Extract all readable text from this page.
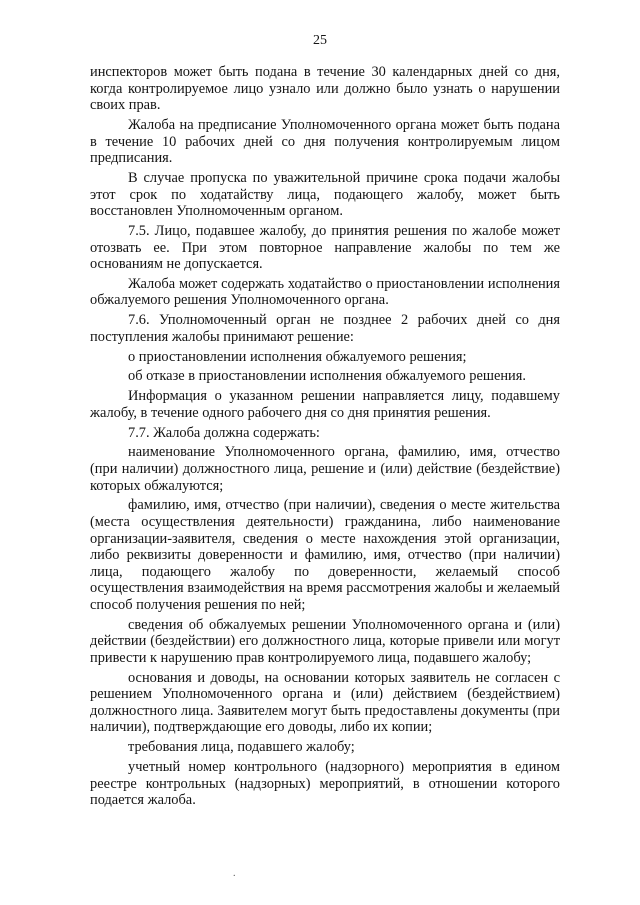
25

инспекторов может быть подана в течение 30 календарных дней со дня, когда контролируемое лицо узнало или должно было узнать о нарушении своих прав.

Жалоба на предписание Уполномоченного органа может быть подана в течение 10 рабочих дней со дня получения контролируемым лицом предписания.

В случае пропуска по уважительной причине срока подачи жалобы этот срок по ходатайству лица, подающего жалобу, может быть восстановлен Уполномоченным органом.

7.5. Лицо, подавшее жалобу, до принятия решения по жалобе может отозвать ее. При этом повторное направление жалобы по тем же основаниям не допускается.

Жалоба может содержать ходатайство о приостановлении исполнения обжалуемого решения Уполномоченного органа.

7.6. Уполномоченный орган не позднее 2 рабочих дней со дня поступления жалобы принимают решение:

о приостановлении исполнения обжалуемого решения;

об отказе в приостановлении исполнения обжалуемого решения.

Информация о указанном решении направляется лицу, подавшему жалобу, в течение одного рабочего дня со дня принятия решения.

7.7. Жалоба должна содержать:

наименование Уполномоченного органа, фамилию, имя, отчество (при наличии) должностного лица, решение и (или) действие (бездействие) которых обжалуются;

фамилию, имя, отчество (при наличии), сведения о месте жительства (места осуществления деятельности) гражданина, либо наименование организации-заявителя, сведения о месте нахождения этой организации, либо реквизиты доверенности и фамилию, имя, отчество (при наличии) лица, подающего жалобу по доверенности, желаемый способ осуществления взаимодействия на время рассмотрения жалобы и желаемый способ получения решения по ней;

сведения об обжалуемых решении Уполномоченного органа и (или) действии (бездействии) его должностного лица, которые привели или могут привести к нарушению прав контролируемого лица, подавшего жалобу;

основания и доводы, на основании которых заявитель не согласен с решением Уполномоченного органа и (или) действием (бездействием) должностного лица. Заявителем могут быть предоставлены документы (при наличии), подтверждающие его доводы, либо их копии;

требования лица, подавшего жалобу;

учетный номер контрольного (надзорного) мероприятия в едином реестре контрольных (надзорных) мероприятий, в отношении которого подается жалоба.

.
